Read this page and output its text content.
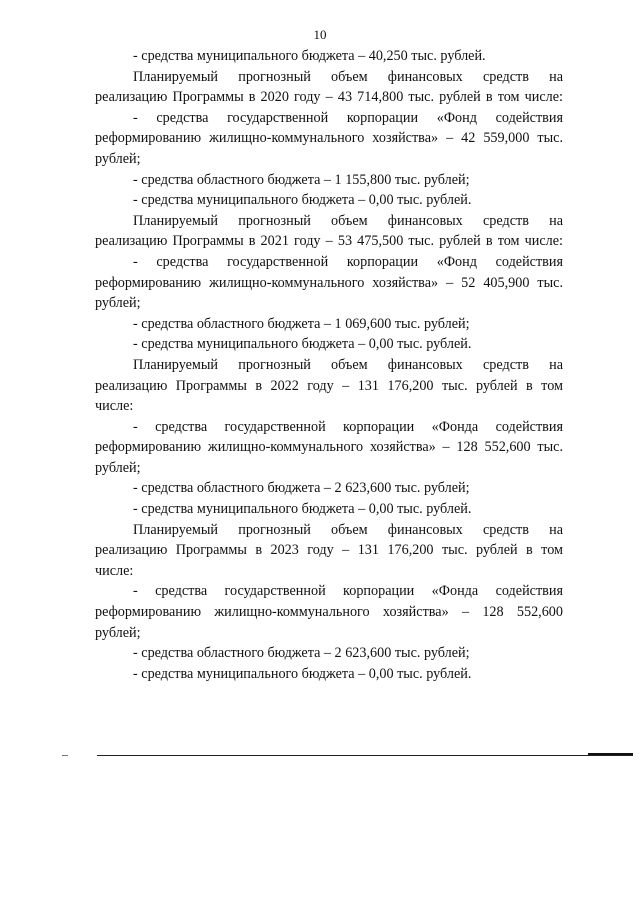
10

- средства муниципального бюджета – 40,250 тыс. рублей.

Планируемый прогнозный объем финансовых средств на

реализацию Программы в 2020 году – 43 714,800 тыс. рублей в том числе:

- средства государственной корпорации «Фонд содействия

реформированию жилищно-коммунального хозяйства» – 42 559,000 тыс.

рублей;

- средства областного бюджета – 1 155,800 тыс. рублей;

- средства муниципального бюджета – 0,00 тыс. рублей.

Планируемый прогнозный объем финансовых средств на

реализацию Программы в 2021 году – 53 475,500 тыс. рублей в том числе:

- средства государственной корпорации «Фонд содействия

реформированию жилищно-коммунального хозяйства» – 52 405,900 тыс.

рублей;

- средства областного бюджета – 1 069,600 тыс. рублей;

- средства муниципального бюджета – 0,00 тыс. рублей.

Планируемый прогнозный объем финансовых средств на

реализацию Программы в 2022 году – 131 176,200 тыс. рублей в том

числе:

- средства государственной корпорации «Фонда содействия

реформированию жилищно-коммунального хозяйства» – 128 552,600 тыс.

рублей;

- средства областного бюджета – 2 623,600 тыс. рублей;

- средства муниципального бюджета – 0,00 тыс. рублей.

Планируемый прогнозный объем финансовых средств на

реализацию Программы в 2023 году – 131 176,200 тыс. рублей в том

числе:

- средства государственной корпорации «Фонда содействия

реформированию жилищно-коммунального хозяйства» – 128 552,600

рублей;

- средства областного бюджета – 2 623,600 тыс. рублей;

- средства муниципального бюджета – 0,00 тыс. рублей.
